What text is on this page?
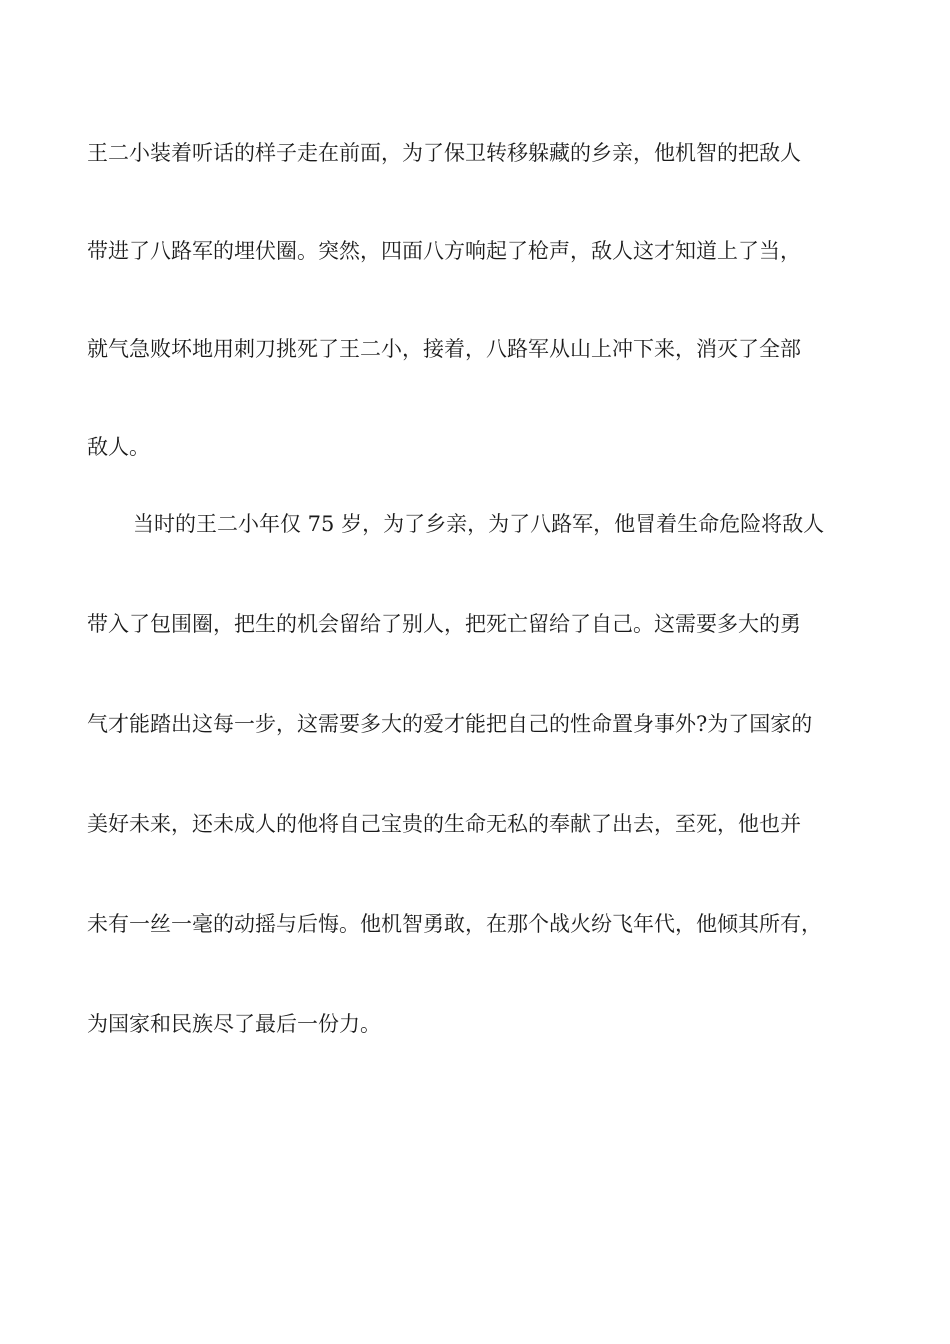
王二小装着听话的样子走在前面，为了保卫转移躲藏的乡亲，他机智的把敌人
带进了八路军的埋伏圈。突然，四面八方响起了枪声，敌人这才知道上了当，
就气急败坏地用刺刀挑死了王二小，接着，八路军从山上冲下来，消灭了全部
敌人。
当时的王二小年仅 75 岁，为了乡亲，为了八路军，他冒着生命危险将敌人
带入了包围圈，把生的机会留给了别人，把死亡留给了自己。这需要多大的勇
气才能踏出这每一步，这需要多大的爱才能把自己的性命置身事外?为了国家的
美好未来，还未成人的他将自己宝贵的生命无私的奉献了出去，至死，他也并
未有一丝一毫的动摇与后悔。他机智勇敢，在那个战火纷飞年代，他倾其所有，
为国家和民族尽了最后一份力。
